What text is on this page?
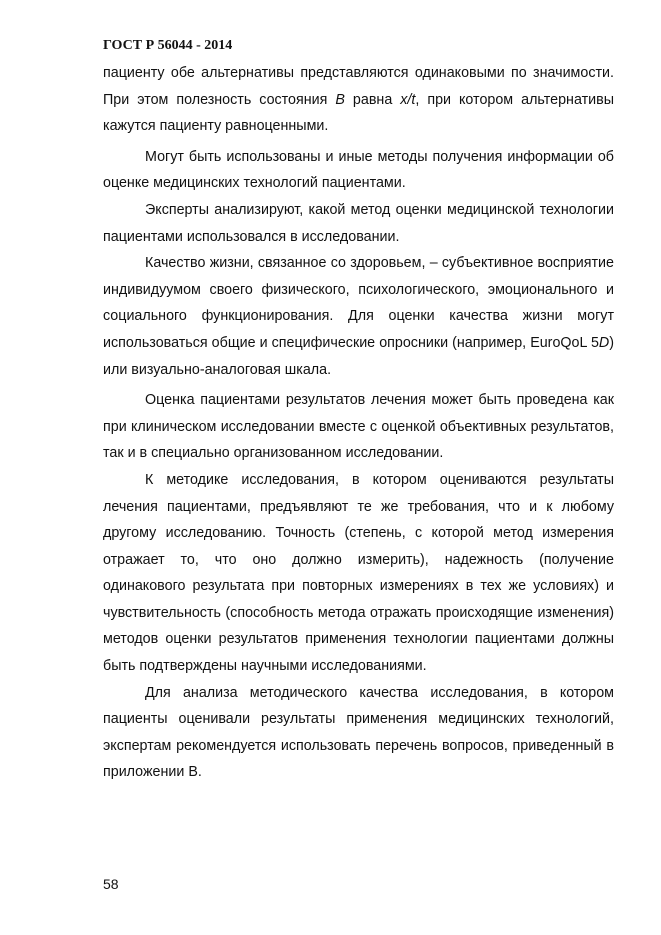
ГОСТ Р 56044 - 2014

пациенту обе альтернативы представляются одинаковыми по значимости. При этом полезность состояния B равна x/t, при котором альтернативы кажутся пациенту равноценными.

Могут быть использованы и иные методы получения информации об оценке медицинских технологий пациентами.

Эксперты анализируют, какой метод оценки медицинской технологии пациентами использовался в исследовании.

Качество жизни, связанное со здоровьем, – субъективное восприятие индивидуумом своего физического, психологического, эмоционального и социального функционирования. Для оценки качества жизни могут использоваться общие и специфические опросники (например, EuroQoL 5D) или визуально-аналоговая шкала.

Оценка пациентами результатов лечения может быть проведена как при клиническом исследовании вместе с оценкой объективных результатов, так и в специально организованном исследовании.

К методике исследования, в котором оцениваются результаты лечения пациентами, предъявляют те же требования, что и к любому другому исследованию. Точность (степень, с которой метод измерения отражает то, что оно должно измерить), надежность (получение одинакового результата при повторных измерениях в тех же условиях) и чувствительность (способность метода отражать происходящие изменения) методов оценки результатов применения технологии пациентами должны быть подтверждены научными исследованиями.

Для анализа методического качества исследования, в котором пациенты оценивали результаты применения медицинских технологий, экспертам рекомендуется использовать перечень вопросов, приведенный в приложении В.

58
